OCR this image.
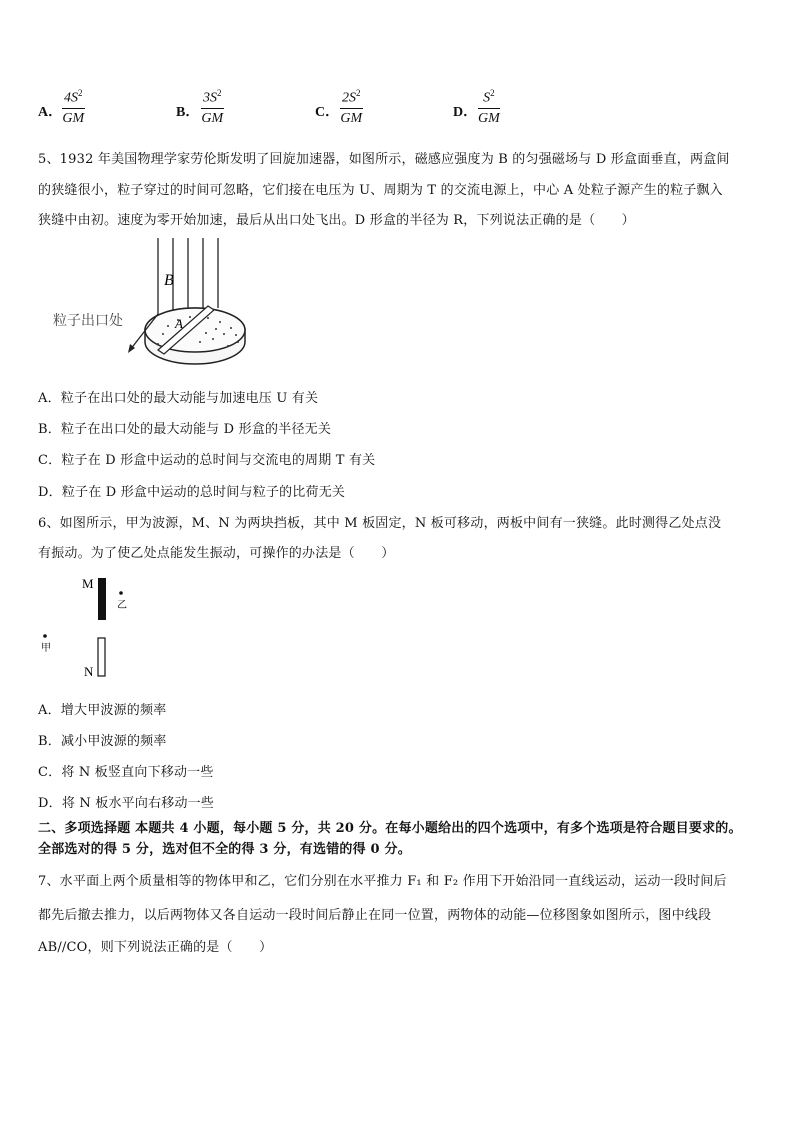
A． $\frac{4S^2}{GM}$	B． $\frac{3S^2}{GM}$	C． $\frac{2S^2}{GM}$	D． $\frac{S^2}{GM}$
5、1932 年美国物理学家劳伦斯发明了回旋加速器，如图所示，磁感应强度为 B 的匀强磁场与 D 形盒面垂直，两盒间
的狭缝很小，粒子穿过的时间可忽略，它们接在电压为 U、周期为 T 的交流电源上，中心 A 处粒子源产生的粒子飘入
狭缝中由初。速度为零开始加速，最后从出口处飞出。D 形盒的半径为 R，下列说法正确的是（　　）
B
A
粒子出口处
A．粒子在出口处的最大动能与加速电压 U 有关
B．粒子在出口处的最大动能与 D 形盒的半径无关
C．粒子在 D 形盒中运动的总时间与交流电的周期 T 有关
D．粒子在 D 形盒中运动的总时间与粒子的比荷无关
6、如图所示，甲为波源，M、N 为两块挡板，其中 M 板固定，N 板可移动，两板中间有一狭缝。此时测得乙处点没
有振动。为了使乙处点能发生振动，可操作的办法是（　　）
M
乙
甲
N
A．增大甲波源的频率
B．减小甲波源的频率
C．将 N 板竖直向下移动一些
D．将 N 板水平向右移动一些
二、多项选择题 本题共 4 小题，每小题 5 分，共 20 分。在每小题给出的四个选项中，有多个选项是符合题目要求的。
全部选对的得 5 分，选对但不全的得 3 分，有选错的得 0 分。
7、水平面上两个质量相等的物体甲和乙，它们分别在水平推力 F₁ 和 F₂ 作用下开始沿同一直线运动，运动一段时间后
都先后撤去推力，以后两物体又各自运动一段时间后静止在同一位置，两物体的动能—位移图象如图所示，图中线段
AB//CO，则下列说法正确的是（　　）
